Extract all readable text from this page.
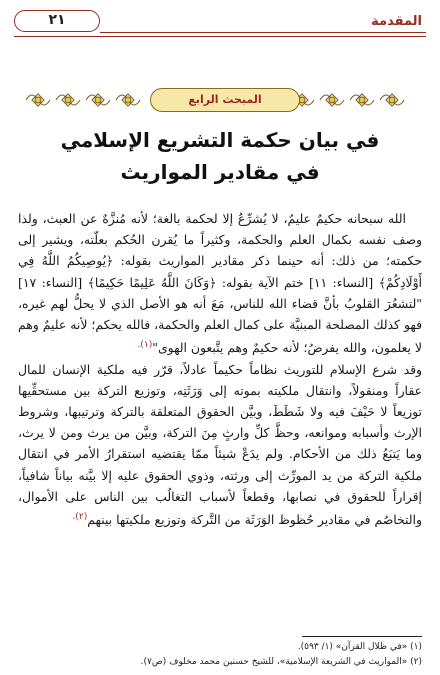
المقدمة
٢١
المبحث الرابع
في بيان حكمة التشريع الإسلامي
في مقادير المواريث

الله سبحانه حكيمٌ عليمٌ، لا يُشرِّعُ إلا لحكمة بالغة؛ لأنه مُنزَّهٌ عن العبث، ولذا وصف نفسه بكمال العلم والحكمة، وكثيراً ما يُقرن الحُكم بعلّته، ويشير إلى حكمته؛ من ذلك: أنه حينما ذكر مقادير المواريث بقوله: ﴿يُوصِيكُمُ اللَّهُ فِي أَوْلَادِكُمْ﴾ [النساء: ١١] ختم الآية بقوله: ﴿وَكَانَ اللَّهُ عَلِيمًا حَكِيمًا﴾ [النساء: ١٧] "لتشعُرَ القلوبُ بأنَّ قضاء الله للناس، مَعَ أنه هو الأصل الذي لا يحلُّ لهم غيره، فهو كذلك المصلحة المبنيَّة على كمال العلم والحكمة، فالله يحكم؛ لأنه عليمٌ وهم لا يعلمون، والله يفرضُ؛ لأنه حكيمٌ وهم يتَّبعون الهوى"$^{(١).}$

وقد شرع الإسلام للتوريث نظاماً حكيماً عادلاً، قرّر فيه ملكية الإنسان للمال عقاراً ومنقولاً، وانتقال ملكيته بموته إلى وَرَثَتِه، وتوزيع التركة بين مستحقِّيها توزيعاً لا حَيْفَ فيه ولا شَطَطَ، وبيَّن الحقوق المتعلقة بالتركة وترتيبها، وشروط الإرث وأسبابه وموانعه، وحظَّ كلِّ وارثٍ مِنَ التركة، وبيَّن من يرث ومن لا يرث، وما يَتبَعُ ذلك من الأحكام. ولم يدَعْ شيئاً ممّا يقتضيه استقرارُ الأمر في انتقال ملكية التركة من يد المورِّث إلى ورثته، وذوي الحقوق عليه إلا بيَّنه بياناً شافياً، إقراراً للحقوق في نصابها، وقطعاً لأسباب التغالُب بين الناس على الأموال، والتخاصُم في مقادير حُظوظ الوَرَثَة من التَّركة وتوزيع ملكيتها بينهم$^{(٢).}$

(١) «في ظلال القرآن» (١/ ٥٩٣).
(٢) «المواريث في الشريعة الإسلامية»، للشيخ حسنين محمد مخلوف (ص٧).
